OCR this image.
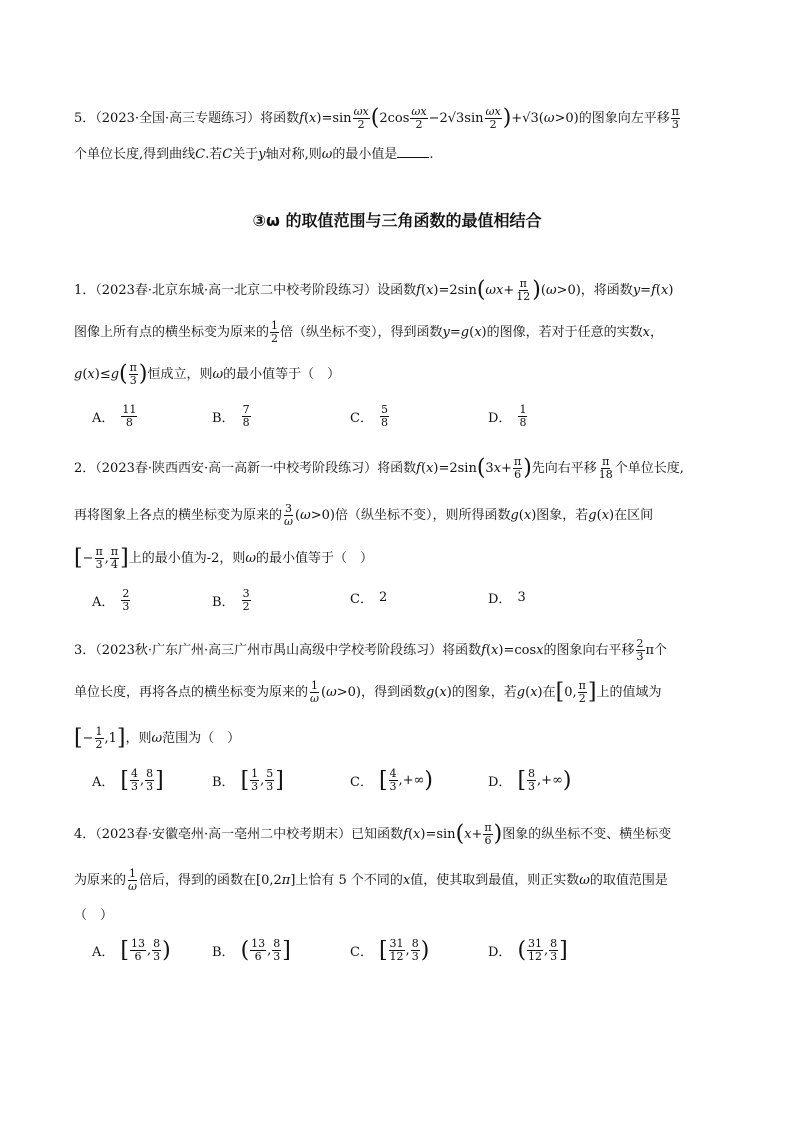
5．（2023·全国·高三专题练习）将函数$f(x)=\sin \frac{\omega x}{2} (2\cos \frac{\omega x}{2} -2√3\sin \frac{\omega x}{2} )+√3(\omega>0)$的图象向左平移 $\frac{\pi}{3}$
个单位长度,得到曲线C.若C关于y轴对称,则ω的最小值是 .
③ω 的取值范围与三角函数的最值相结合
1．（2023春·北京东城·高一北京二中校考阶段练习）设函数$f(x)=2\sin(\omega x+ \frac{\pi}{12} )(\omega>0)$，将函数y=f(x)
图像上所有点的横坐标变为原来的 $\frac{1}{2}$ 倍（纵坐标不变），得到函数y=g(x)的图像，若对于任意的实数x，
$g(x)\le g( \frac{\pi}{3}$ )恒成立，则ω的最小值等于（　）
A． $\frac{11}{8}$	B． $\frac{7}{8}$	C． $\frac{5}{8}$	D． $\frac{1}{8}$
2．（2023春·陕西西安·高一高新一中校考阶段练习）将函数$f(x)=2\sin(3x+ \frac{\pi}{6}$ )先向右平移 $\frac{\pi}{18}$ 个单位长度,
再将图象上各点的横坐标变为原来的 $\frac{3}{\omega} (\omega>0)$倍（纵坐标不变），则所得函数g(x)图象，若g(x)在区间
[− $\frac{\pi}{3}$ , $\frac{\pi}{4}$ ]上的最小值为-2，则ω的最小值等于（　）
A． $\frac{2}{3}$	B． $\frac{3}{2}$	C． 2	D． 3
3．（2023秋·广东广州·高三广州市禺山高级中学校考阶段练习）将函数f(x)=cosx的图象向右平移 $\frac{2}{3}$ π个
单位长度，再将各点的横坐标变为原来的 $\frac{1}{\omega} (\omega>0)$，得到函数g(x)的图象，若g(x)在[0, $\frac{\pi}{2}$ ]上的值域为
[− $\frac{1}{2} ,1$]，则ω范围为（　）
A． [ $\frac{4}{3}$ , $\frac{8}{3}$ ]	B． [ $\frac{1}{3}$ , $\frac{5}{3}$ ]	C． [ $\frac{4}{3}$ , +∞ )	D． [ $\frac{8}{3}$ , +∞ )
4．（2023春·安徽亳州·高一亳州二中校考期末）已知函数$f(x)=\sin(x+ \frac{\pi}{6}$ )图象的纵坐标不变、横坐标变
为原来的 $\frac{1}{\omega}$ 倍后，得到的函数在[0,2π]上恰有 5 个不同的x值，使其取到最值，则正实数ω的取值范围是
（　）
A． [ $\frac{13}{6}$ , $\frac{8}{3}$ )	B． ( $\frac{13}{6}$ , $\frac{8}{3}$ ]	C． [ $\frac{31}{12}$ , $\frac{8}{3}$ )	D． ( $\frac{31}{12}$ , $\frac{8}{3}$ ]
